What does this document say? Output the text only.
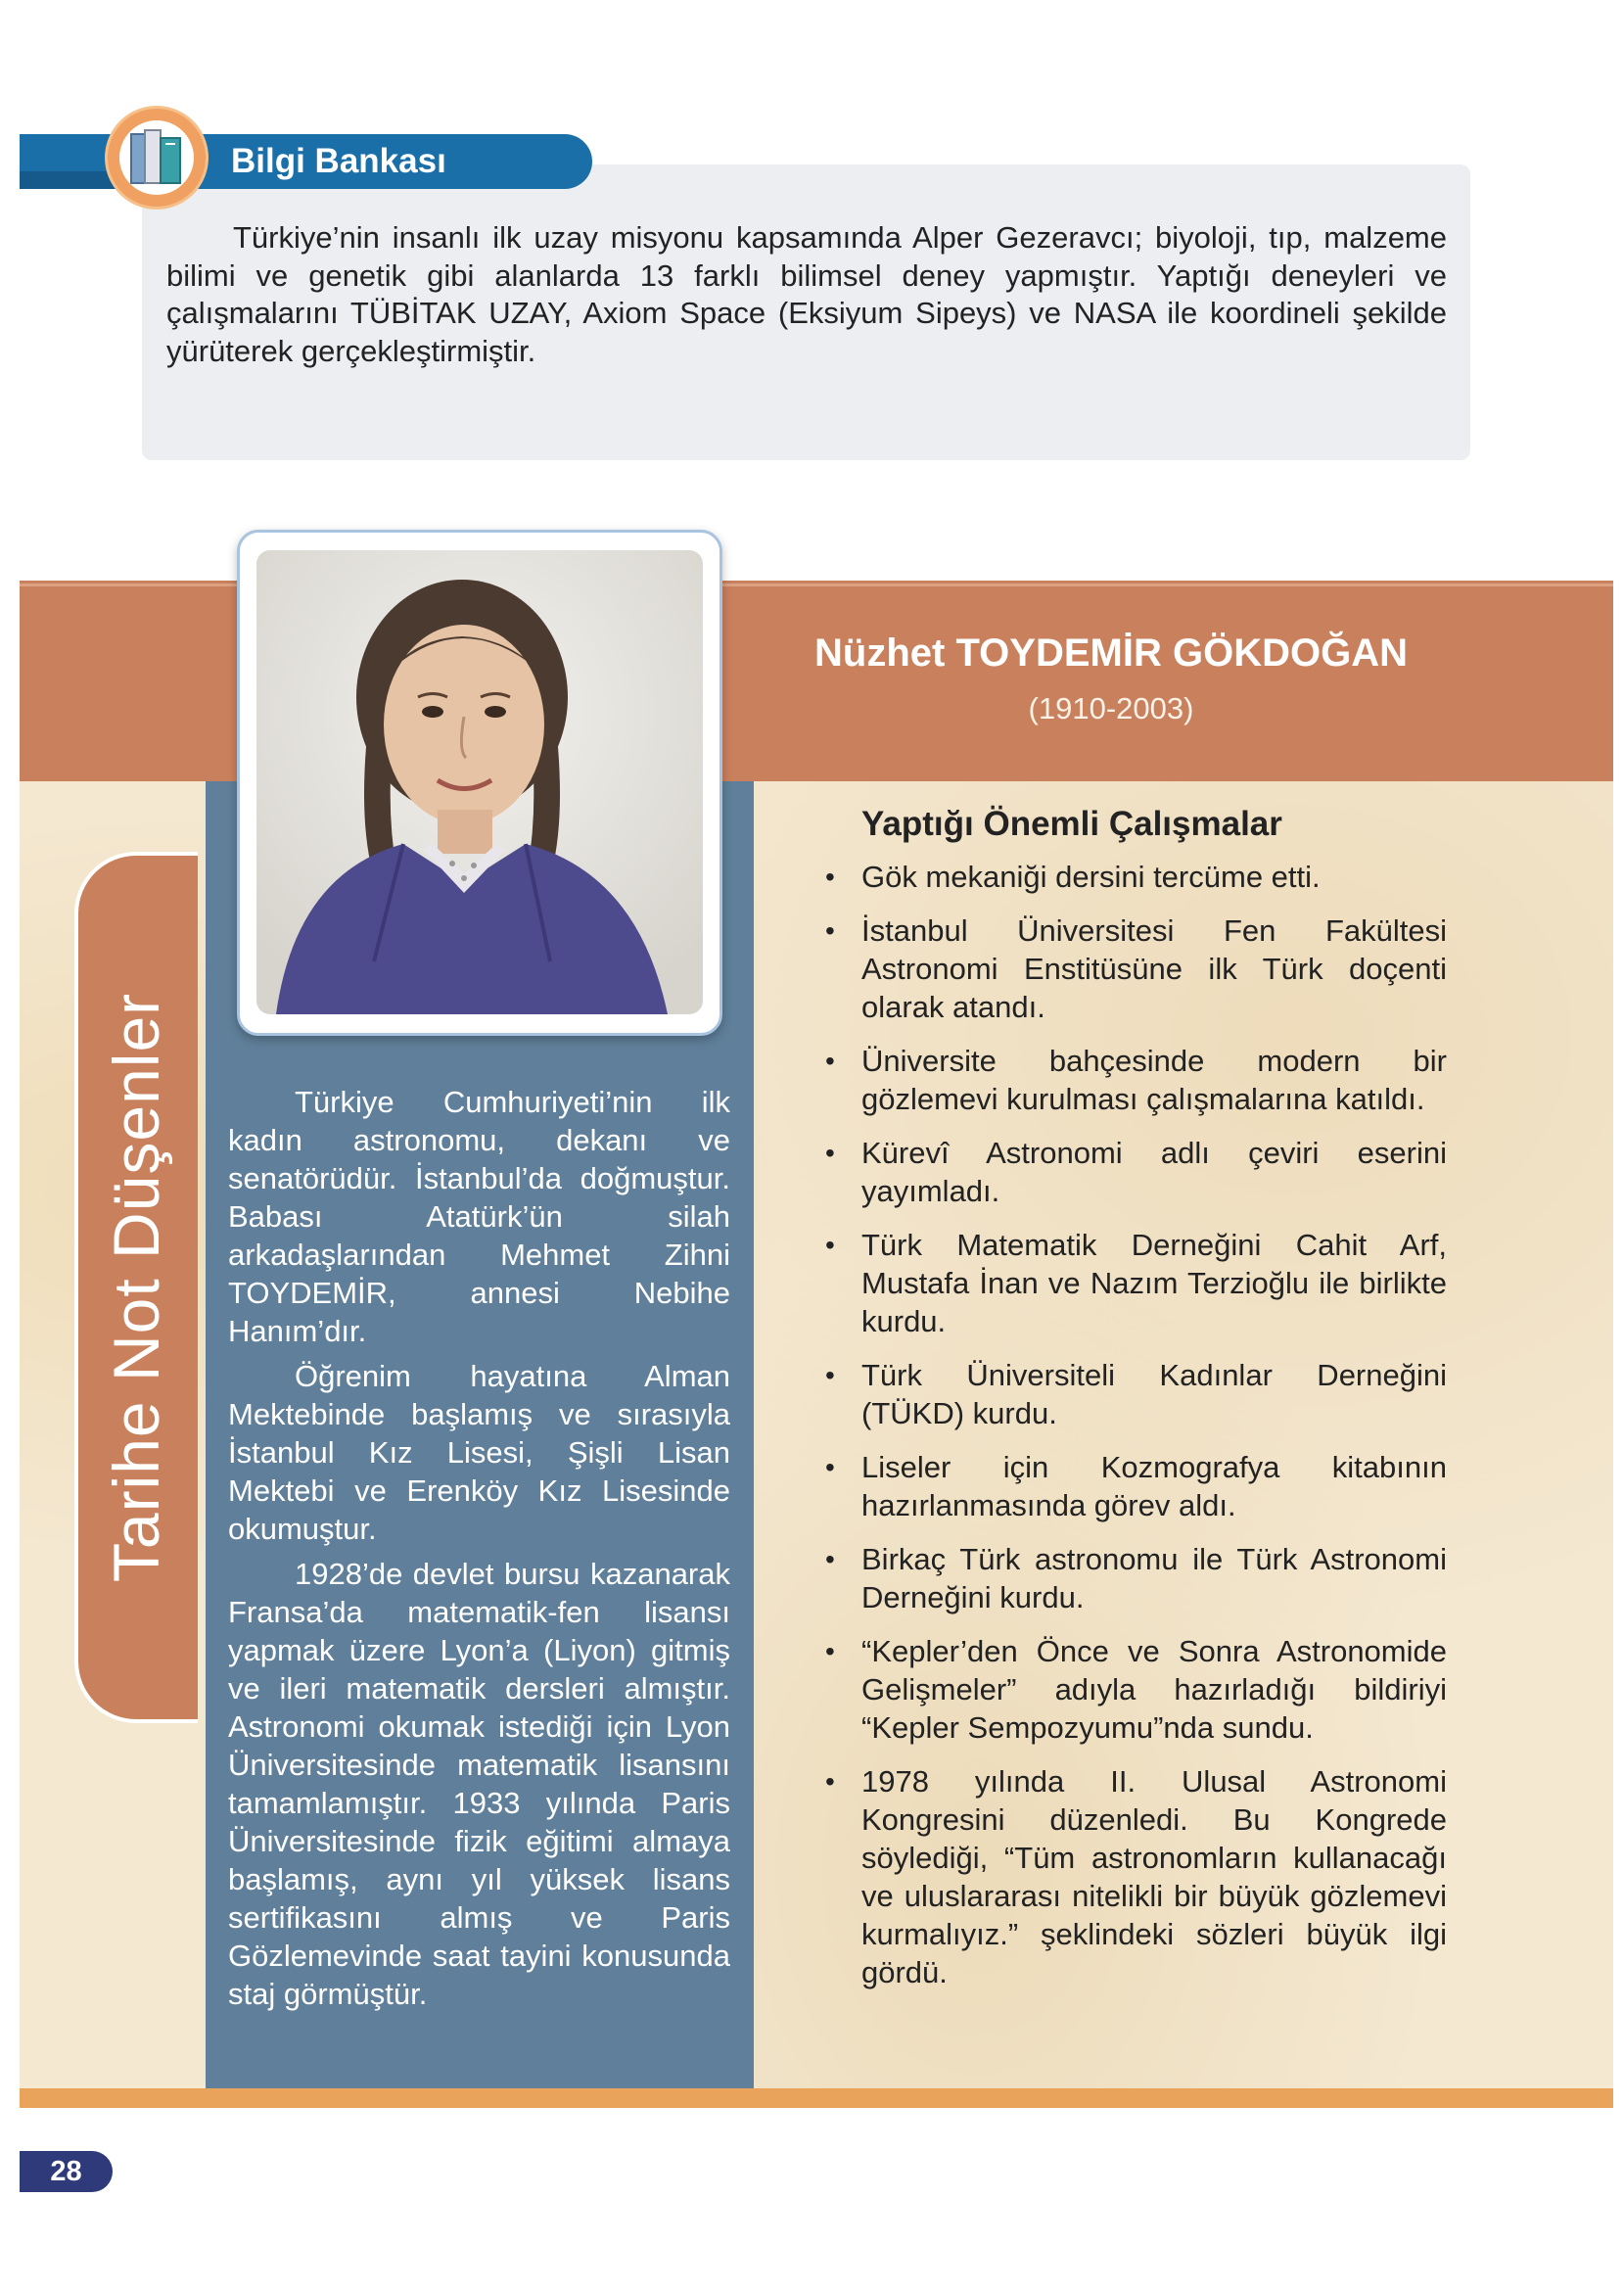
Bilgi Bankası

Türkiye’nin insanlı ilk uzay misyonu kapsamında Alper Gezeravcı; biyoloji, tıp, malzeme bilimi ve genetik gibi alanlarda 13 farklı bilimsel deney yapmıştır. Yaptığı deneyleri ve çalışmalarını TÜBİTAK UZAY, Axiom Space (Eksiyum Sipeys) ve NASA ile koordineli şekilde yürüterek gerçekleştirmiştir.

Nüzhet TOYDEMİR GÖKDOĞAN

(1910-2003)

Tarihe Not Düşenler	Türkiye Cumhuriyeti’nin ilk kadın astronomu, dekanı ve senatörüdür. İstanbul’da doğmuştur. Babası Atatürk’ün silah arkadaşlarından Mehmet Zihni TOYDEMİR, annesi Nebihe Hanım’dır.

Öğrenim hayatına Alman Mektebinde başlamış ve sırasıyla İstanbul Kız Lisesi, Şişli Lisan Mektebi ve Erenköy Kız Lisesinde okumuştur.

1928’de devlet bursu kazanarak Fransa’da matematik-fen lisansı yapmak üzere Lyon’a (Liyon) gitmiş ve ileri matematik dersleri almıştır. Astronomi okumak istediği için Lyon Üniversitesinde matematik lisansını tamamlamıştır. 1933 yılında Paris Üniversitesinde fizik eğitimi almaya başlamış, aynı yıl yüksek lisans sertifikasını almış ve Paris Gözlemevinde saat tayini konusunda staj görmüştür.

Yaptığı Önemli Çalışmalar
• Gök mekaniği dersini tercüme etti.
• İstanbul Üniversitesi Fen Fakültesi Astronomi Enstitüsüne ilk Türk doçenti olarak atandı.
• Üniversite bahçesinde modern bir gözlemevi kurulması çalışmalarına katıldı.
• Kürevî Astronomi adlı çeviri eserini yayımladı.
• Türk Matematik Derneğini Cahit Arf, Mustafa İnan ve Nazım Terzioğlu ile birlikte kurdu.
• Türk Üniversiteli Kadınlar Derneğini (TÜKD) kurdu.
• Liseler için Kozmografya kitabının hazırlanmasında görev aldı.
• Birkaç Türk astronomu ile Türk Astronomi Derneğini kurdu.
• “Kepler’den Önce ve Sonra Astronomide Gelişmeler” adıyla hazırladığı bildiriyi “Kepler Sempozyumu”nda sundu.
• 1978 yılında II. Ulusal Astronomi Kongresini düzenledi. Bu Kongrede söylediği, “Tüm astronomların kullanacağı ve uluslararası nitelikli bir büyük gözlemevi kurmalıyız.” şeklindeki sözleri büyük ilgi gördü.
28
